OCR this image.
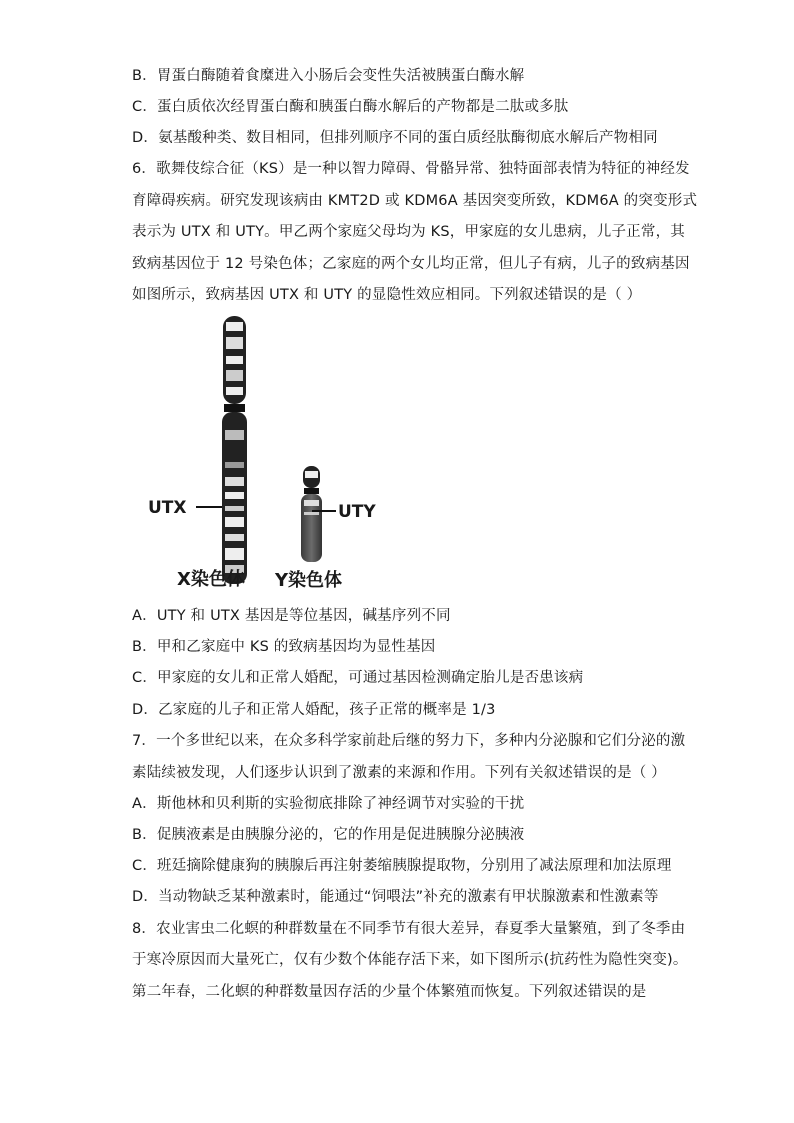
B．胃蛋白酶随着食糜进入小肠后会变性失活被胰蛋白酶水解
C．蛋白质依次经胃蛋白酶和胰蛋白酶水解后的产物都是二肽或多肽
D．氨基酸种类、数目相同，但排列顺序不同的蛋白质经肽酶彻底水解后产物相同
6．歌舞伎综合征（KS）是一种以智力障碍、骨骼异常、独特面部表情为特征的神经发
育障碍疾病。研究发现该病由 KMT2D 或 KDM6A 基因突变所致，KDM6A 的突变形式
表示为 UTX 和 UTY。甲乙两个家庭父母均为 KS，甲家庭的女儿患病，儿子正常，其
致病基因位于 12 号染色体；乙家庭的两个女儿均正常，但儿子有病，儿子的致病基因
如图所示，致病基因 UTX 和 UTY 的显隐性效应相同。下列叙述错误的是（ ）
UTX	UTY
X染色体 Y染色体
A．UTY 和 UTX 基因是等位基因，碱基序列不同
B．甲和乙家庭中 KS 的致病基因均为显性基因
C．甲家庭的女儿和正常人婚配，可通过基因检测确定胎儿是否患该病
D．乙家庭的儿子和正常人婚配，孩子正常的概率是 1/3
7．一个多世纪以来，在众多科学家前赴后继的努力下，多种内分泌腺和它们分泌的激
素陆续被发现，人们逐步认识到了激素的来源和作用。下列有关叙述错误的是（ ）
A．斯他林和贝利斯的实验彻底排除了神经调节对实验的干扰
B．促胰液素是由胰腺分泌的，它的作用是促进胰腺分泌胰液
C．班廷摘除健康狗的胰腺后再注射萎缩胰腺提取物，分别用了减法原理和加法原理
D．当动物缺乏某种激素时，能通过“饲喂法”补充的激素有甲状腺激素和性激素等
8．农业害虫二化螟的种群数量在不同季节有很大差异，春夏季大量繁殖，到了冬季由
于寒冷原因而大量死亡，仅有少数个体能存活下来，如下图所示(抗药性为隐性突变)。
第二年春，二化螟的种群数量因存活的少量个体繁殖而恢复。下列叙述错误的是
